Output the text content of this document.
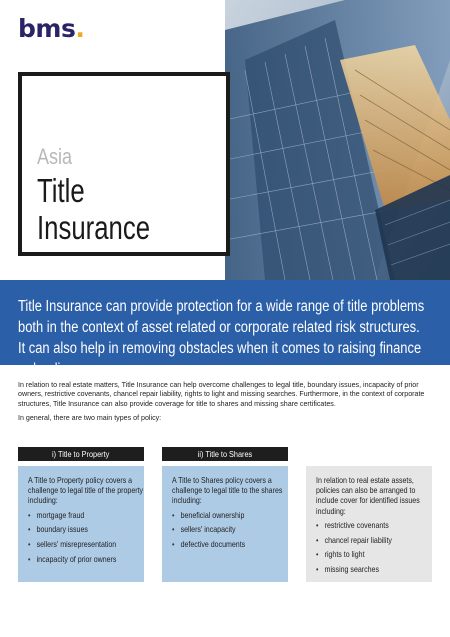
bms.
Asia
Title
Insurance

Title Insurance can provide protection for a wide range of title problems both in the context of asset related or corporate related risk structures. It can also help in removing obstacles when it comes to raising finance or lending.

In relation to real estate matters, Title Insurance can help overcome challenges to legal title, boundary issues, incapacity of prior owners, restrictive covenants, chancel repair liability, rights to light and missing searches. Furthermore, in the context of corporate structures, Title Insurance can also provide coverage for title to shares and missing share certificates.

In general, there are two main types of policy:

i) Title to Property	ii) Title to Shares

A Title to Property policy covers a challenge to legal title of the property including:

• mortgage fraud
• boundary issues
• sellers' misrepresentation
• incapacity of prior owners

A Title to Shares policy covers a challenge to legal title to the shares including:

• beneficial ownership
• sellers' incapacity
• defective documents

In relation to real estate assets, policies can also be arranged to include cover for identified issues including:

• restrictive covenants
• chancel repair liability
• rights to light
• missing searches
